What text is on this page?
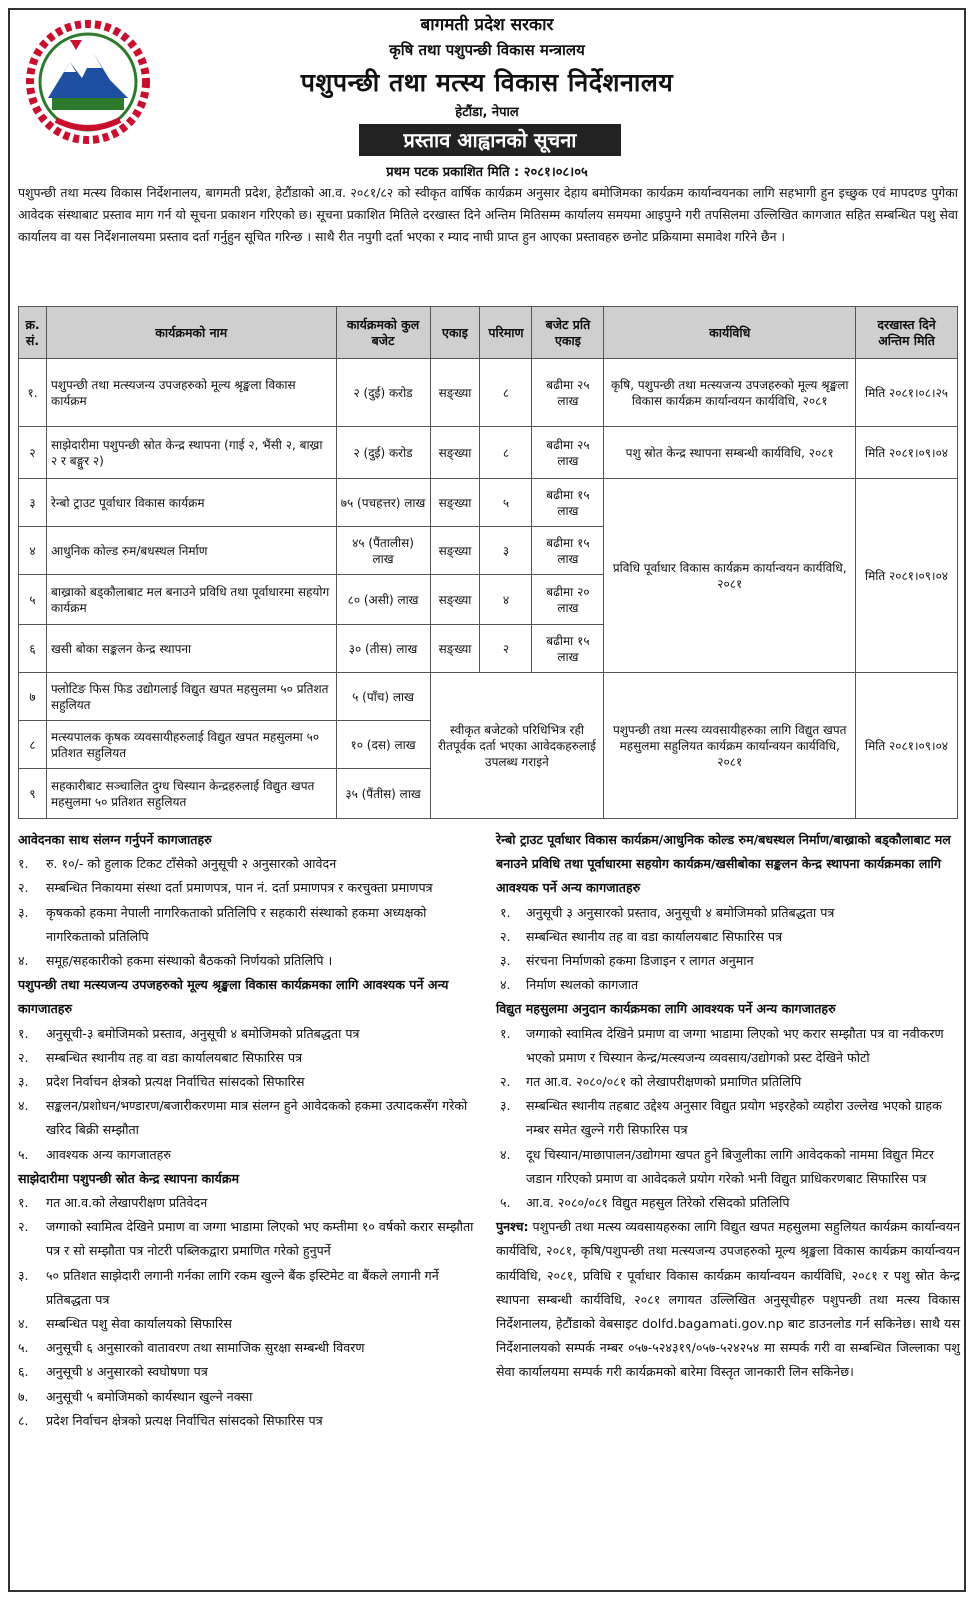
बागमती प्रदेश सरकार
कृषि तथा पशुपन्छी विकास मन्त्रालय
पशुपन्छी तथा मत्स्य विकास निर्देशनालय
हेटौंडा, नेपाल
प्रस्ताव आह्वानको सूचना
प्रथम पटक प्रकाशित मिति : २०८१।०८।०५
पशुपन्छी तथा मत्स्य विकास निर्देशनालय, बागमती प्रदेश, हेटौंडाको आ.व. २०८१/८२ को स्वीकृत वार्षिक कार्यक्रम अनुसार देहाय बमोजिमका कार्यक्रम कार्यान्वयनका लागि सहभागी हुन इच्छुक एवं मापदण्ड पुगेका आवेदक संस्थाबाट प्रस्ताव माग गर्न यो सूचना प्रकाशन गरिएको छ। सूचना प्रकाशित मितिले दरखास्त दिने अन्तिम मितिसम्म कार्यालय समयमा आइपुग्ने गरी तपसिलमा उल्लिखित कागजात सहित सम्बन्धित पशु सेवा कार्यालय वा यस निर्देशनालयमा प्रस्ताव दर्ता गर्नुहुन सूचित गरिन्छ । साथै रीत नपुगी दर्ता भएका र म्याद नाघी प्राप्त हुन आएका प्रस्तावहरु छनोट प्रक्रियामा समावेश गरिने छैन ।
क्र. सं.	कार्यक्रमको नाम	कार्यक्रमको कुल बजेट	एकाइ	परिमाण	बजेट प्रति एकाइ	कार्यविधि	दरखास्त दिने अन्तिम मिति
१.	पशुपन्छी तथा मत्स्यजन्य उपजहरुको मूल्य श्रृङ्खला विकास कार्यक्रम	२ (दुई) करोड	सङ्ख्या	८	बढीमा २५ लाख	कृषि, पशुपन्छी तथा मत्स्यजन्य उपजहरुको मूल्य श्रृङ्खला विकास कार्यक्रम कार्यान्वयन कार्यविधि, २०८१	मिति २०८१।०८।२५
२	साझेदारीमा पशुपन्छी स्रोत केन्द्र स्थापना (गाई २, भैंसी २, बाख्रा २ र बङ्गुर २)	२ (दुई) करोड	सङ्ख्या	८	बढीमा २५ लाख	पशु स्रोत केन्द्र स्थापना सम्बन्धी कार्यविधि, २०८१	मिति २०८१।०९।०४
३	रेन्बो ट्राउट पूर्वाधार विकास कार्यक्रम	७५ (पचहत्तर) लाख	सङ्ख्या	५	बढीमा १५ लाख	प्रविधि पूर्वाधार विकास कार्यक्रम कार्यान्वयन कार्यविधि, २०८१	मिति २०८१।०९।०४
४	आधुनिक कोल्ड रुम/बधस्थल निर्माण	४५ (पैंतालीस) लाख	सङ्ख्या	३	बढीमा १५ लाख		
५	बाख्राको बड्कौलाबाट मल बनाउने प्रविधि तथा पूर्वाधारमा सहयोग कार्यक्रम	८० (असी) लाख	सङ्ख्या	४	बढीमा २० लाख		
६	खसी बोका सङ्कलन केन्द्र स्थापना	३० (तीस) लाख	सङ्ख्या	२	बढीमा १५ लाख		
७	फ्लोटिङ फिस फिड उद्योगलाई विद्युत खपत महसुलमा ५० प्रतिशत सहुलियत	५ (पाँच) लाख	स्वीकृत बजेटको परिधिभित्र रही रीतपूर्वक दर्ता भएका आवेदकहरुलाई उपलब्ध गराइने			पशुपन्छी तथा मत्स्य व्यवसायीहरुका लागि विद्युत खपत महसुलमा सहुलियत कार्यक्रम कार्यान्वयन कार्यविधि, २०८१	मिति २०८१।०९।०४
८	मत्स्यपालक कृषक व्यवसायीहरुलाई विद्युत खपत महसुलमा ५० प्रतिशत सहुलियत	१० (दस) लाख					
९	सहकारीबाट सञ्चालित दुग्ध चिस्यान केन्द्रहरुलाई विद्युत खपत महसुलमा ५० प्रतिशत सहुलियत	३५ (पैंतीस) लाख					
आवेदनका साथ संलग्न गर्नुपर्ने कागजातहरु
१.	रु. १०/- को हुलाक टिकट टाँसेको अनुसूची २ अनुसारको आवेदन
२.	सम्बन्धित निकायमा संस्था दर्ता प्रमाणपत्र, पान नं. दर्ता प्रमाणपत्र र करचुक्ता प्रमाणपत्र
३.	कृषकको हकमा नेपाली नागरिकताको प्रतिलिपि र सहकारी संस्थाको हकमा अध्यक्षको नागरिकताको प्रतिलिपि
४.	समूह/सहकारीको हकमा संस्थाको बैठकको निर्णयको प्रतिलिपि ।
पशुपन्छी तथा मत्स्यजन्य उपजहरुको मूल्य श्रृङ्खला विकास कार्यक्रमका लागि आवश्यक पर्ने अन्य कागजातहरु
१.	अनुसूची-३ बमोजिमको प्रस्ताव, अनुसूची ४ बमोजिमको प्रतिबद्धता पत्र
२.	सम्बन्धित स्थानीय तह वा वडा कार्यालयबाट सिफारिस पत्र
३.	प्रदेश निर्वाचन क्षेत्रको प्रत्यक्ष निर्वाचित सांसदको सिफारिस
४.	सङ्कलन/प्रशोधन/भण्डारण/बजारीकरणमा मात्र संलग्न हुने आवेदकको हकमा उत्पादकसँग गरेको खरिद बिक्री सम्झौता
५.	आवश्यक अन्य कागजातहरु
साझेदारीमा पशुपन्छी स्रोत केन्द्र स्थापना कार्यक्रम
१.	गत आ.व.को लेखापरीक्षण प्रतिवेदन
२.	जग्गाको स्वामित्व देखिने प्रमाण वा जग्गा भाडामा लिएको भए कम्तीमा १० वर्षको करार सम्झौता पत्र र सो सम्झौता पत्र नोटरी पब्लिकद्वारा प्रमाणित गरेको हुनुपर्ने
३.	५० प्रतिशत साझेदारी लगानी गर्नका लागि रकम खुल्ने बैंक इस्टिमेट वा बैंकले लगानी गर्ने प्रतिबद्धता पत्र
४.	सम्बन्धित पशु सेवा कार्यालयको सिफारिस
५.	अनुसूची ६ अनुसारको वातावरण तथा सामाजिक सुरक्षा सम्बन्धी विवरण
६.	अनुसूची ४ अनुसारको स्वघोषणा पत्र
७.	अनुसूची ५ बमोजिमको कार्यस्थान खुल्ने नक्सा
८.	प्रदेश निर्वाचन क्षेत्रको प्रत्यक्ष निर्वाचित सांसदको सिफारिस पत्र
रेन्बो ट्राउट पूर्वाधार विकास कार्यक्रम/आधुनिक कोल्ड रुम/बधस्थल निर्माण/बाख्राको बड्कौलाबाट मल बनाउने प्रविधि तथा पूर्वाधारमा सहयोग कार्यक्रम/खसीबोका सङ्कलन केन्द्र स्थापना कार्यक्रमका लागि आवश्यक पर्ने अन्य कागजातहरु
१.	अनुसूची ३ अनुसारको प्रस्ताव, अनुसूची ४ बमोजिमको प्रतिबद्धता पत्र
२.	सम्बन्धित स्थानीय तह वा वडा कार्यालयबाट सिफारिस पत्र
३.	संरचना निर्माणको हकमा डिजाइन र लागत अनुमान
४.	निर्माण स्थलको कागजात
विद्युत महसुलमा अनुदान कार्यक्रमका लागि आवश्यक पर्ने अन्य कागजातहरु
१.	जग्गाको स्वामित्व देखिने प्रमाण वा जग्गा भाडामा लिएको भए करार सम्झौता पत्र वा नवीकरण भएको प्रमाण र चिस्यान केन्द्र/मत्स्यजन्य व्यवसाय/उद्योगको प्रस्ट देखिने फोटो
२.	गत आ.व. २०८०/०८१ को लेखापरीक्षणको प्रमाणित प्रतिलिपि
३.	सम्बन्धित स्थानीय तहबाट उद्देश्य अनुसार विद्युत प्रयोग भइरहेको व्यहोरा उल्लेख भएको ग्राहक नम्बर समेत खुल्ने गरी सिफारिस पत्र
४.	दूध चिस्यान/माछापालन/उद्योगमा खपत हुने बिजुलीका लागि आवेदकको नाममा विद्युत मिटर जडान गरिएको प्रमाण वा आवेदकले प्रयोग गरेको भनी विद्युत प्राधिकरणबाट सिफारिस पत्र
५.	आ.व. २०८०/०८१ विद्युत महसुल तिरेको रसिदको प्रतिलिपि
पुनश्च: पशुपन्छी तथा मत्स्य व्यवसायहरुका लागि विद्युत खपत महसुलमा सहुलियत कार्यक्रम कार्यान्वयन कार्यविधि, २०८१, कृषि/पशुपन्छी तथा मत्स्यजन्य उपजहरुको मूल्य श्रृङ्खला विकास कार्यक्रम कार्यान्वयन कार्यविधि, २०८१, प्रविधि र पूर्वाधार विकास कार्यक्रम कार्यान्वयन कार्यविधि, २०८१ र पशु स्रोत केन्द्र स्थापना सम्बन्धी कार्यविधि, २०८१ लगायत उल्लिखित अनुसूचीहरु पशुपन्छी तथा मत्स्य विकास निर्देशनालय, हेटौंडाको वेबसाइट dolfd.bagamati.gov.np बाट डाउनलोड गर्न सकिनेछ। साथै यस निर्देशनालयको सम्पर्क नम्बर ०५७-५२४३१९/०५७-५२४२५४ मा सम्पर्क गरी वा सम्बन्धित जिल्लाका पशु सेवा कार्यालयमा सम्पर्क गरी कार्यक्रमको बारेमा विस्तृत जानकारी लिन सकिनेछ।
